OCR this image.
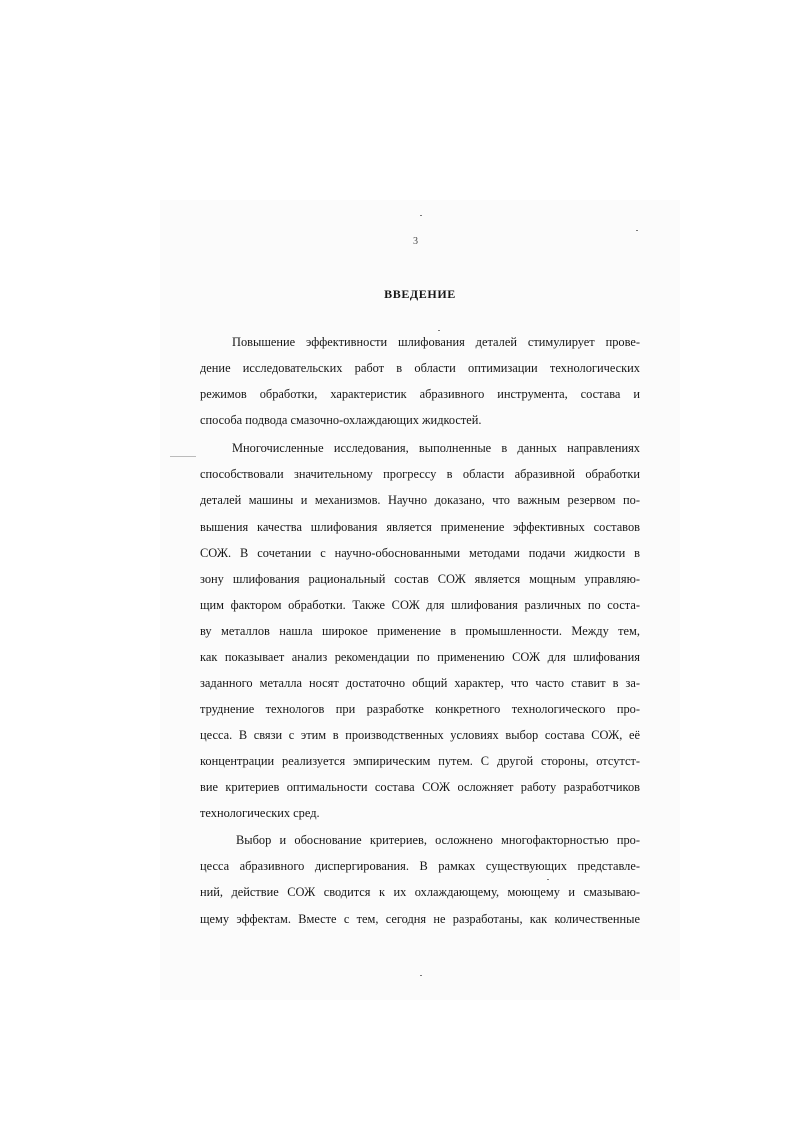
3
ВВЕДЕНИЕ
Повышение эффективности шлифования деталей стимулирует прове-
дение исследовательских работ в области оптимизации технологических
режимов обработки, характеристик абразивного инструмента, состава и
способа подвода смазочно-охлаждающих жидкостей.
Многочисленные исследования, выполненные в данных направлениях
способствовали значительному прогрессу в области абразивной обработки
деталей машины и механизмов. Научно доказано, что важным резервом по-
вышения качества шлифования является применение эффективных составов
СОЖ. В сочетании с научно-обоснованными методами подачи жидкости в
зону шлифования рациональный состав СОЖ является мощным управляю-
щим фактором обработки. Также СОЖ для шлифования различных по соста-
ву металлов нашла широкое применение в промышленности. Между тем,
как показывает анализ рекомендации по применению СОЖ для шлифования
заданного металла носят достаточно общий характер, что часто ставит в за-
труднение технологов при разработке конкретного технологического про-
цесса. В связи с этим в производственных условиях выбор состава СОЖ, её
концентрации реализуется эмпирическим путем. С другой стороны, отсутст-
вие критериев оптимальности состава СОЖ осложняет работу разработчиков
технологических сред.
Выбор и обоснование критериев, осложнено многофакторностью про-
цесса абразивного диспергирования. В рамках существующих представле-
ний, действие СОЖ сводится к их охлаждающему, моющему и смазываю-
щему эффектам. Вместе с тем, сегодня не разработаны, как количественные
